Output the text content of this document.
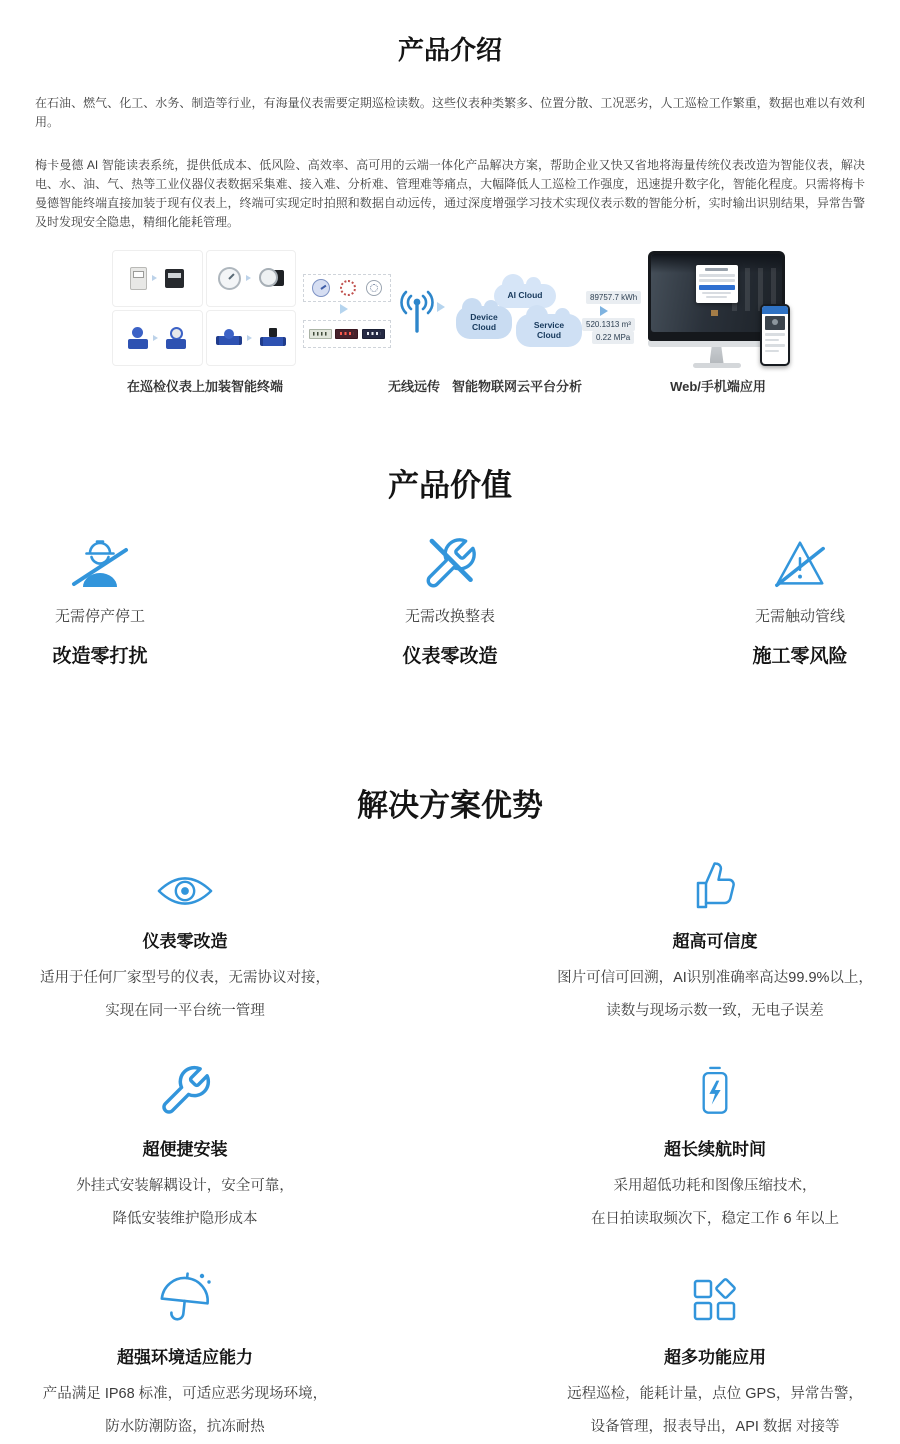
产品介绍

在石油、燃气、化工、水务、制造等行业，有海量仪表需要定期巡检读数。这些仪表种类繁多、位置分散、工况恶劣，人工巡检工作繁重，数据也难以有效利用。

梅卡曼德 AI 智能读表系统，提供低成本、低风险、高效率、高可用的云端一体化产品解决方案，帮助企业又快又省地将海量传统仪表改造为智能仪表，解决电、水、油、气、热等工业仪器仪表数据采集难、接入难、分析难、管理难等痛点，大幅降低人工巡检工作强度，迅速提升数字化，智能化程度。只需将梅卡曼德智能终端直接加装于现有仪表上，终端可实现定时拍照和数据自动远传，通过深度增强学习技术实现仪表示数的智能分析，实时输出识别结果，异常告警及时发现安全隐患，精细化能耗管理。

AI Cloud
Device Cloud	Service Cloud
89757.7 kWh
520.1313 m³
0.22 MPa
在巡检仪表上加装智能终端	无线远传 智能物联网云平台分析	Web/手机端应用
产品价值
无需停产停工
改造零打扰
无需改换整表
仪表零改造
无需触动管线
施工零风险
解决方案优势
仪表零改造
适用于任何厂家型号的仪表，无需协议对接，
实现在同一平台统一管理
超高可信度
图片可信可回溯，AI识别准确率高达99.9%以上，
读数与现场示数一致，无电子误差
超便捷安装
外挂式安装解耦设计，安全可靠，
降低安装维护隐形成本
超长续航时间
采用超低功耗和图像压缩技术，
在日拍读取频次下，稳定工作 6 年以上
超强环境适应能力
产品满足 IP68 标准，可适应恶劣现场环境，
防水防潮防盗，抗冻耐热
超多功能应用
远程巡检，能耗计量，点位 GPS，异常告警，
设备管理，报表导出，API 数据 对接等
